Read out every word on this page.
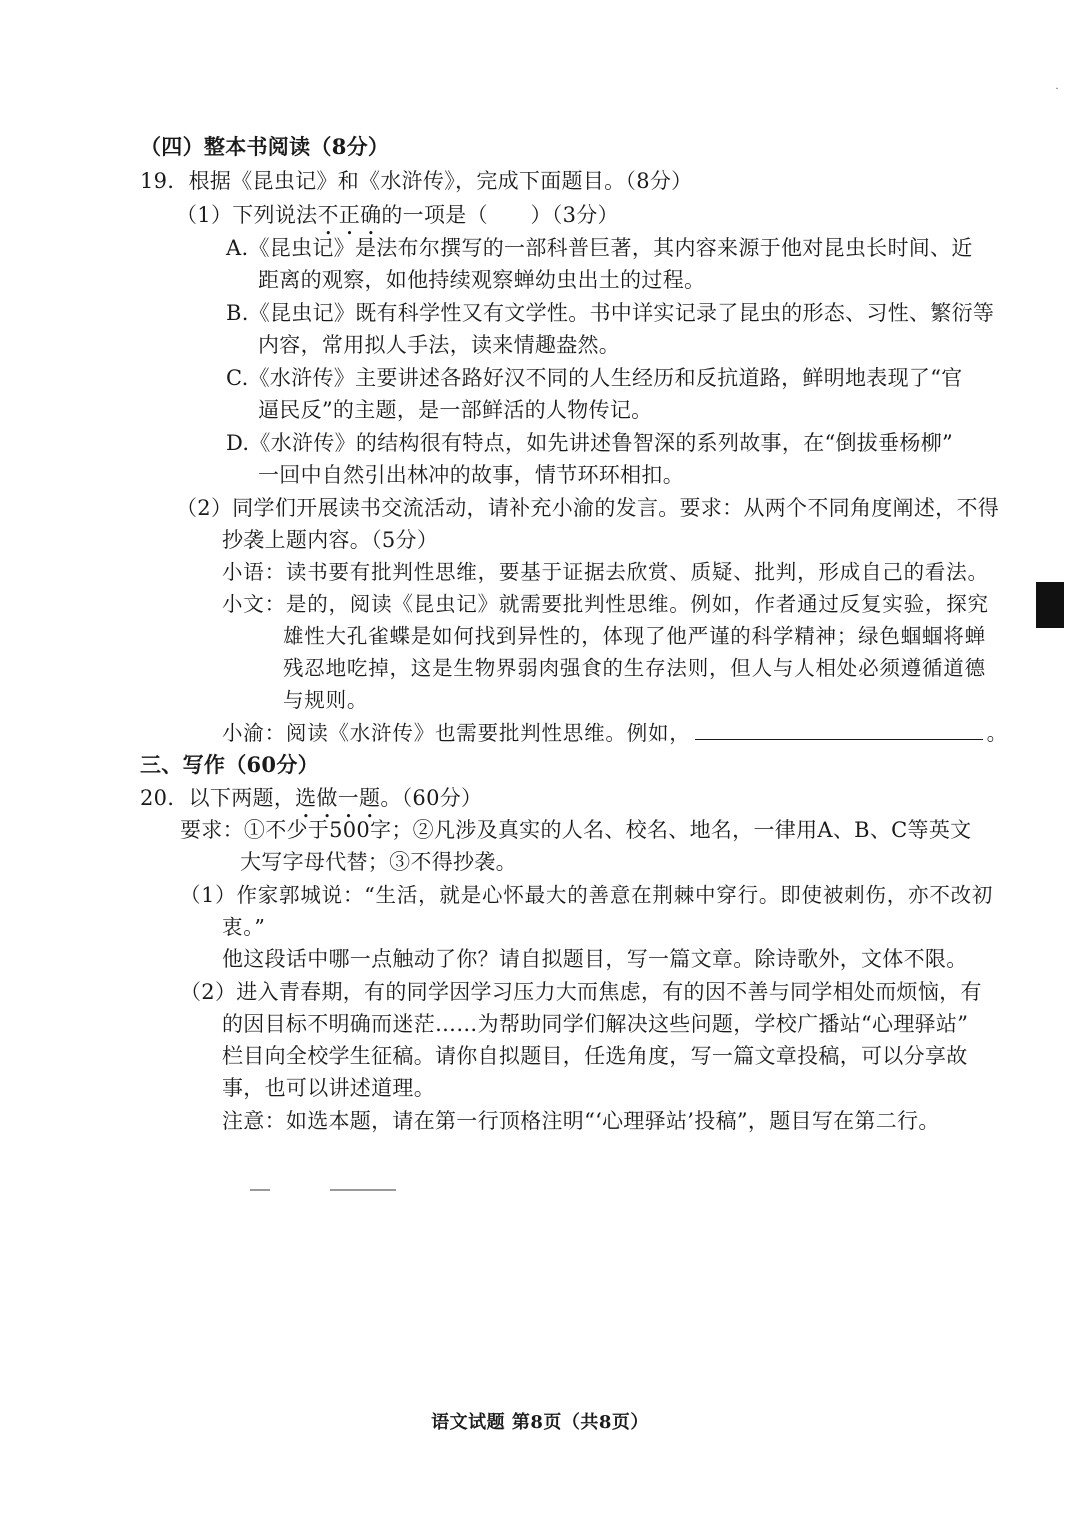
˙
（四）整本书阅读（8分）
19．根据《昆虫记》和《水浒传》，完成下面题目。（8分）
（1）下列说法不正确的一项是（　　）（3分）
A.《昆虫记》是法布尔撰写的一部科普巨著，其内容来源于他对昆虫长时间、近
距离的观察，如他持续观察蝉幼虫出土的过程。
B.《昆虫记》既有科学性又有文学性。书中详实记录了昆虫的形态、习性、繁衍等
内容，常用拟人手法，读来情趣盎然。
C.《水浒传》主要讲述各路好汉不同的人生经历和反抗道路，鲜明地表现了“官
逼民反”的主题，是一部鲜活的人物传记。
D.《水浒传》的结构很有特点，如先讲述鲁智深的系列故事，在“倒拔垂杨柳”
一回中自然引出林冲的故事，情节环环相扣。
（2）同学们开展读书交流活动，请补充小渝的发言。要求：从两个不同角度阐述，不得
抄袭上题内容。（5分）
小语：读书要有批判性思维，要基于证据去欣赏、质疑、批判，形成自己的看法。
小文：是的，阅读《昆虫记》就需要批判性思维。例如，作者通过反复实验，探究
雄性大孔雀蝶是如何找到异性的，体现了他严谨的科学精神；绿色蝈蝈将蝉
残忍地吃掉，这是生物界弱肉强食的生存法则，但人与人相处必须遵循道德
与规则。
小渝：阅读《水浒传》也需要批判性思维。例如，	。
三、写作（60分）
20．以下两题，选做一题。（60分）
要求：①不少于500字；②凡涉及真实的人名、校名、地名，一律用A、B、C等英文
大写字母代替；③不得抄袭。
（1）作家郭城说：“生活，就是心怀最大的善意在荆棘中穿行。即使被刺伤，亦不改初
衷。”
他这段话中哪一点触动了你？请自拟题目，写一篇文章。除诗歌外，文体不限。
（2）进入青春期，有的同学因学习压力大而焦虑，有的因不善与同学相处而烦恼，有
的因目标不明确而迷茫……为帮助同学们解决这些问题，学校广播站“心理驿站”
栏目向全校学生征稿。请你自拟题目，任选角度，写一篇文章投稿，可以分享故
事，也可以讲述道理。
注意：如选本题，请在第一行顶格注明“‘心理驿站’投稿”，题目写在第二行。
语文试题 第8页（共8页）
